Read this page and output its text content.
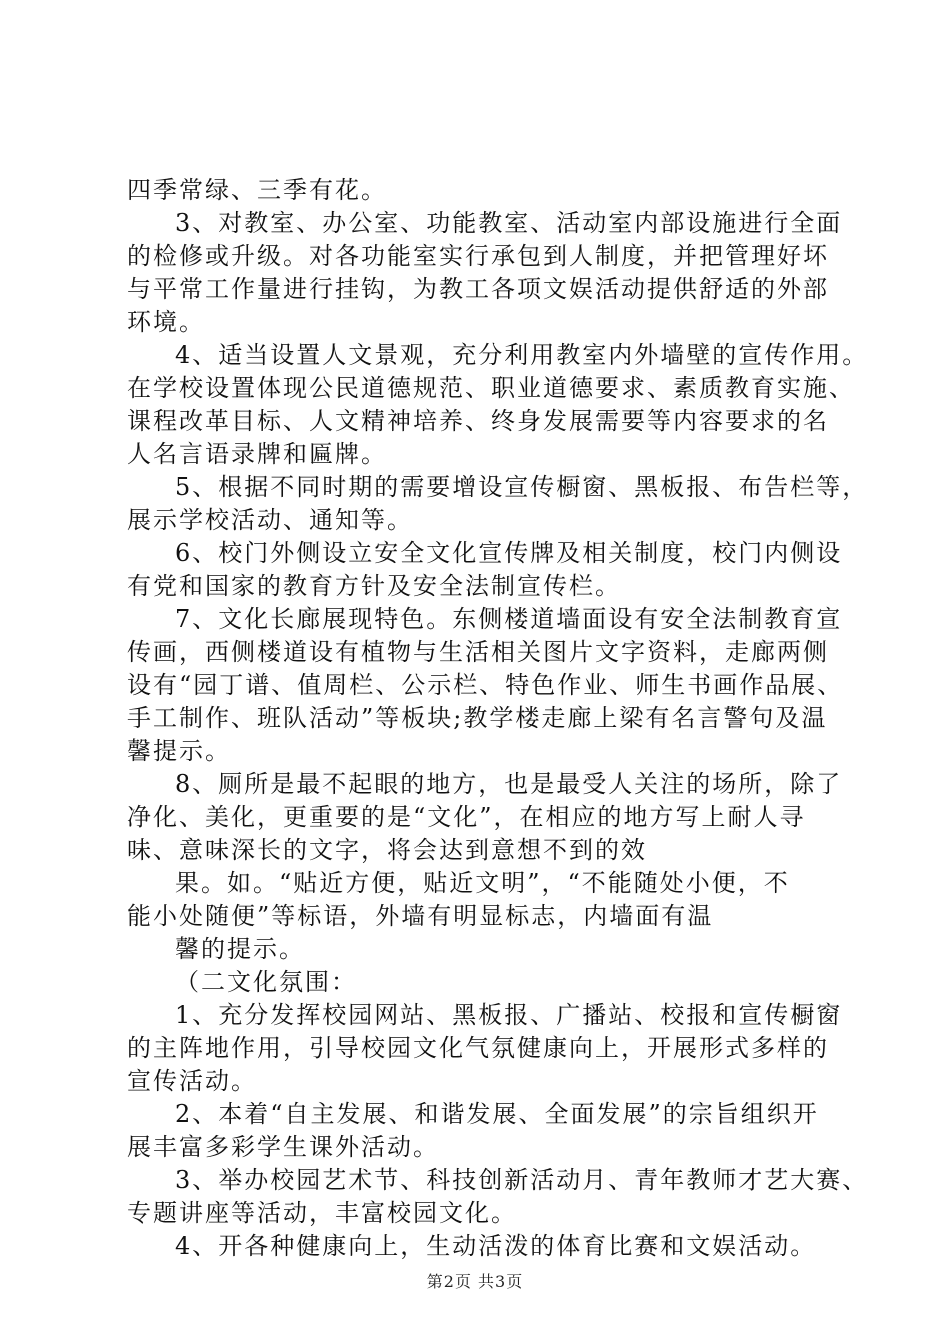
四季常绿、三季有花。
3、对教室、办公室、功能教室、活动室内部设施进行全面
的检修或升级。对各功能室实行承包到人制度，并把管理好坏
与平常工作量进行挂钩，为教工各项文娱活动提供舒适的外部
环境。
4、适当设置人文景观，充分利用教室内外墙壁的宣传作用。
在学校设置体现公民道德规范、职业道德要求、素质教育实施、
课程改革目标、人文精神培养、终身发展需要等内容要求的名
人名言语录牌和匾牌。
5、根据不同时期的需要增设宣传橱窗、黑板报、布告栏等，
展示学校活动、通知等。
6、校门外侧设立安全文化宣传牌及相关制度，校门内侧设
有党和国家的教育方针及安全法制宣传栏。
7、文化长廊展现特色。东侧楼道墙面设有安全法制教育宣
传画，西侧楼道设有植物与生活相关图片文字资料，走廊两侧
设有“园丁谱、值周栏、公示栏、特色作业、师生书画作品展、
手工制作、班队活动”等板块;教学楼走廊上梁有名言警句及温
馨提示。
8、厕所是最不起眼的地方，也是最受人关注的场所，除了
净化、美化，更重要的是“文化”，在相应的地方写上耐人寻
味、意味深长的文字，将会达到意想不到的效
果。如。“贴近方便，贴近文明”，“不能随处小便，不
能小处随便”等标语，外墙有明显标志，内墙面有温
馨的提示。
（二文化氛围：
1、充分发挥校园网站、黑板报、广播站、校报和宣传橱窗
的主阵地作用，引导校园文化气氛健康向上，开展形式多样的
宣传活动。
2、本着“自主发展、和谐发展、全面发展”的宗旨组织开
展丰富多彩学生课外活动。
3、举办校园艺术节、科技创新活动月、青年教师才艺大赛、
专题讲座等活动，丰富校园文化。
4、开各种健康向上，生动活泼的体育比赛和文娱活动。
第2页 共3页
